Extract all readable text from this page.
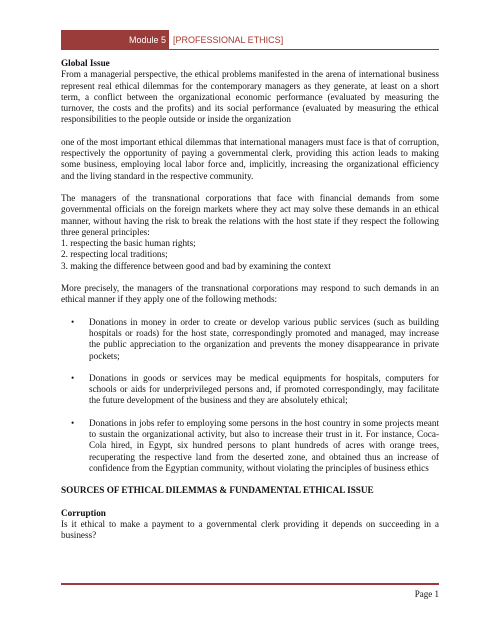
Module 5 [PROFESSIONAL ETHICS]
Global Issue

From a managerial perspective, the ethical problems manifested in the arena of international business represent real ethical dilemmas for the contemporary managers as they generate, at least on a short term, a conflict between the organizational economic performance (evaluated by measuring the turnover, the costs and the profits) and its social performance (evaluated by measuring the ethical responsibilities to the people outside or inside the organization

one of the most important ethical dilemmas that international managers must face is that of corruption, respectively the opportunity of paying a governmental clerk, providing this action leads to making some business, employing local labor force and, implicitly, increasing the organizational efficiency and the living standard in the respective community.

The managers of the transnational corporations that face with financial demands from some governmental officials on the foreign markets where they act may solve these demands in an ethical manner, without having the risk to break the relations with the host state if they respect the following three general principles:

1. respecting the basic human rights;
2. respecting local traditions;
3. making the difference between good and bad by examining the context

More precisely, the managers of the transnational corporations may respond to such demands in an ethical manner if they apply one of the following methods:

• Donations in money in order to create or develop various public services (such as building hospitals or roads) for the host state, correspondingly promoted and managed, may increase the public appreciation to the organization and prevents the money disappearance in private pockets;
• Donations in goods or services may be medical equipments for hospitals, computers for schools or aids for underprivileged persons and, if promoted correspondingly, may facilitate the future development of the business and they are absolutely ethical;
• Donations in jobs refer to employing some persons in the host country in some projects meant to sustain the organizational activity, but also to increase their trust in it. For instance, Coca-Cola hired, in Egypt, six hundred persons to plant hundreds of acres with orange trees, recuperating the respective land from the deserted zone, and obtained thus an increase of confidence from the Egyptian community, without violating the principles of business ethics
SOURCES OF ETHICAL DILEMMAS & FUNDAMENTAL ETHICAL ISSUE
Corruption

Is it ethical to make a payment to a governmental clerk providing it depends on succeeding in a business?

Page 1
